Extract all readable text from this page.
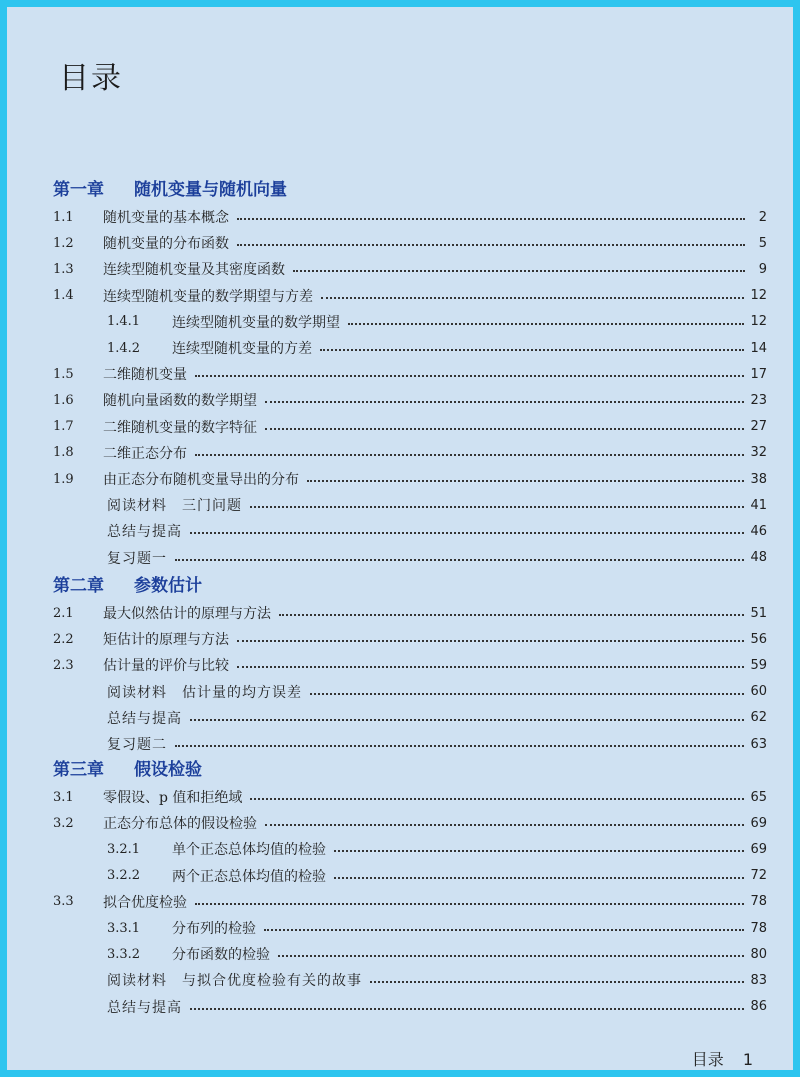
目录
第一章 随机变量与随机向量
1.1	随机变量的基本概念	2
1.2	随机变量的分布函数	5
1.3	连续型随机变量及其密度函数	9
1.4	连续型随机变量的数学期望与方差	12
1.4.1	连续型随机变量的数学期望	12
1.4.2	连续型随机变量的方差	14
1.5	二维随机变量	17
1.6	随机向量函数的数学期望	23
1.7	二维随机变量的数字特征	27
1.8	二维正态分布	32
1.9	由正态分布随机变量导出的分布	38
阅读材料　三门问题	41
总结与提高	46
复习题一	48
第二章 参数估计
2.1	最大似然估计的原理与方法	51
2.2	矩估计的原理与方法	56
2.3	估计量的评价与比较	59
阅读材料　估计量的均方误差	60
总结与提高	62
复习题二	63
第三章 假设检验
3.1	零假设、p 值和拒绝域	65
3.2	正态分布总体的假设检验	69
3.2.1	单个正态总体均值的检验	69
3.2.2	两个正态总体均值的检验	72
3.3	拟合优度检验	78
3.3.1	分布列的检验	78
3.3.2	分布函数的检验	80
阅读材料　与拟合优度检验有关的故事	83
总结与提高	86
目录 1
